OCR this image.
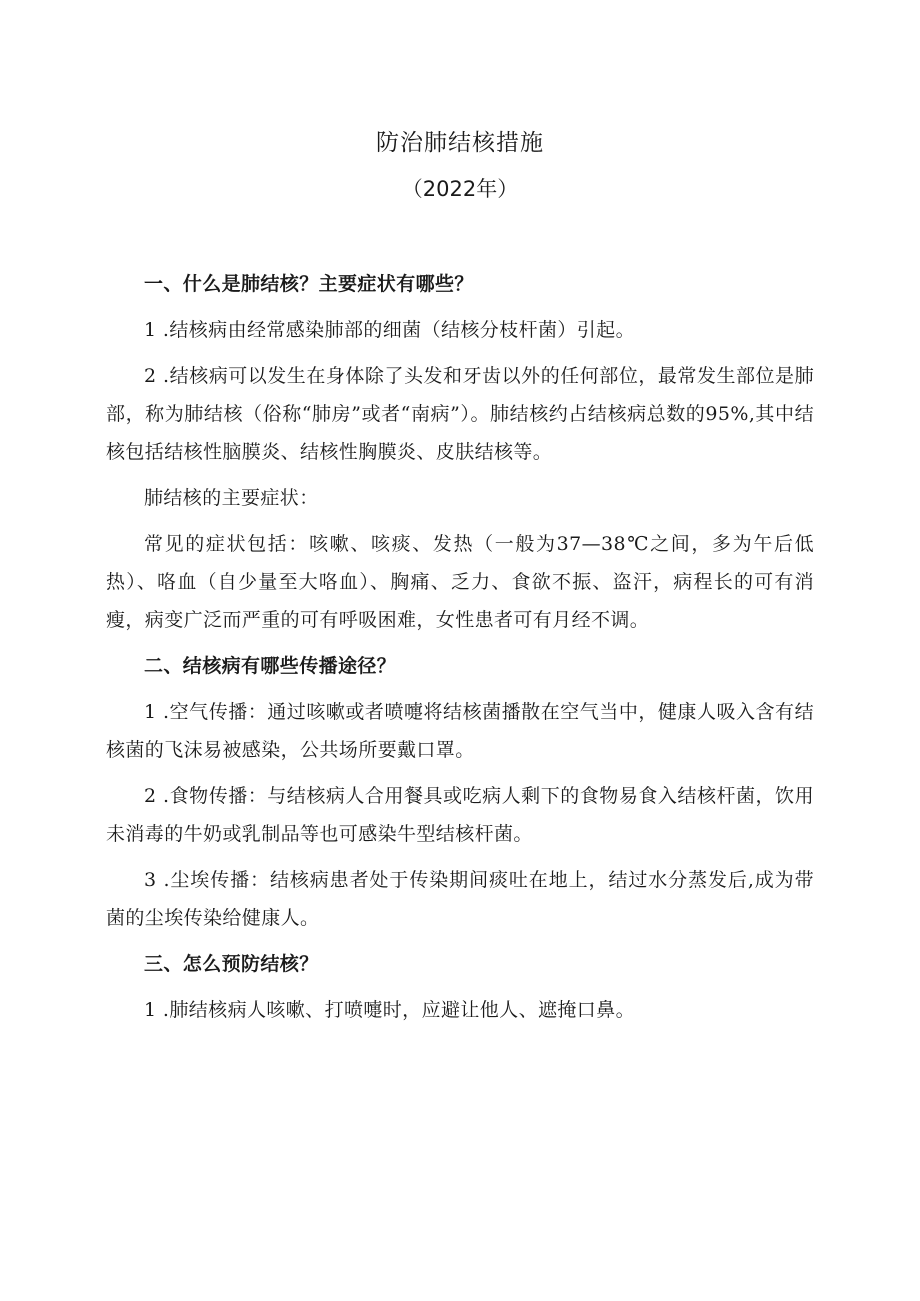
防治肺结核措施
（2022年）
一、什么是肺结核？主要症状有哪些？
1 .结核病由经常感染肺部的细菌（结核分枝杆菌）引起。
2 .结核病可以发生在身体除了头发和牙齿以外的任何部位，最常发生部位是肺部，称为肺结核（俗称“肺房”或者“南病”）。肺结核约占结核病总数的95%,其中结核包括结核性脑膜炎、结核性胸膜炎、皮肤结核等。
肺结核的主要症状：
常见的症状包括：咳嗽、咳痰、发热（一般为37—38℃之间，多为午后低热）、咯血（自少量至大咯血）、胸痛、乏力、食欲不振、盗汗，病程长的可有消瘦，病变广泛而严重的可有呼吸困难，女性患者可有月经不调。
二、结核病有哪些传播途径？
1 .空气传播：通过咳嗽或者喷嚏将结核菌播散在空气当中，健康人吸入含有结核菌的飞沫易被感染，公共场所要戴口罩。
2 .食物传播：与结核病人合用餐具或吃病人剩下的食物易食入结核杆菌，饮用未消毒的牛奶或乳制品等也可感染牛型结核杆菌。
3 .尘埃传播：结核病患者处于传染期间痰吐在地上，结过水分蒸发后,成为带菌的尘埃传染给健康人。
三、怎么预防结核？
1 .肺结核病人咳嗽、打喷嚏时，应避让他人、遮掩口鼻。
